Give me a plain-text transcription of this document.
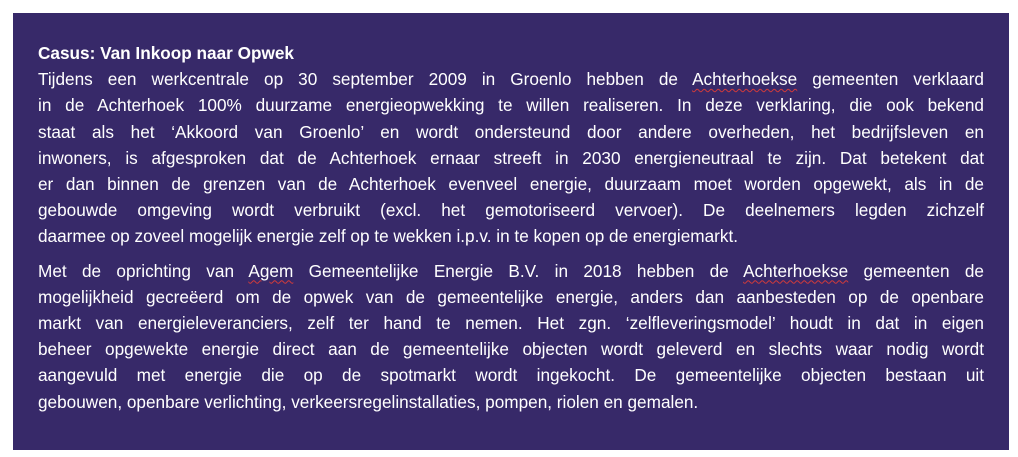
Casus: Van Inkoop naar Opwek
Tijdens een werkcentrale op 30 september 2009 in Groenlo hebben de Achterhoekse gemeenten verklaard
in de Achterhoek 100% duurzame energieopwekking te willen realiseren. In deze verklaring, die ook bekend
staat als het ‘Akkoord van Groenlo’ en wordt ondersteund door andere overheden, het bedrijfsleven en
inwoners, is afgesproken dat de Achterhoek ernaar streeft in 2030 energieneutraal te zijn. Dat betekent dat
er dan binnen de grenzen van de Achterhoek evenveel energie, duurzaam moet worden opgewekt, als in de
gebouwde omgeving wordt verbruikt (excl. het gemotoriseerd vervoer). De deelnemers legden zichzelf
daarmee op zoveel mogelijk energie zelf op te wekken i.p.v. in te kopen op de energiemarkt.
Met de oprichting van Agem Gemeentelijke Energie B.V. in 2018 hebben de Achterhoekse gemeenten de
mogelijkheid gecreëerd om de opwek van de gemeentelijke energie, anders dan aanbesteden op de openbare
markt van energieleveranciers, zelf ter hand te nemen. Het zgn. ‘zelfleveringsmodel’ houdt in dat in eigen
beheer opgewekte energie direct aan de gemeentelijke objecten wordt geleverd en slechts waar nodig wordt
aangevuld met energie die op de spotmarkt wordt ingekocht. De gemeentelijke objecten bestaan uit
gebouwen, openbare verlichting, verkeersregelinstallaties, pompen, riolen en gemalen.
